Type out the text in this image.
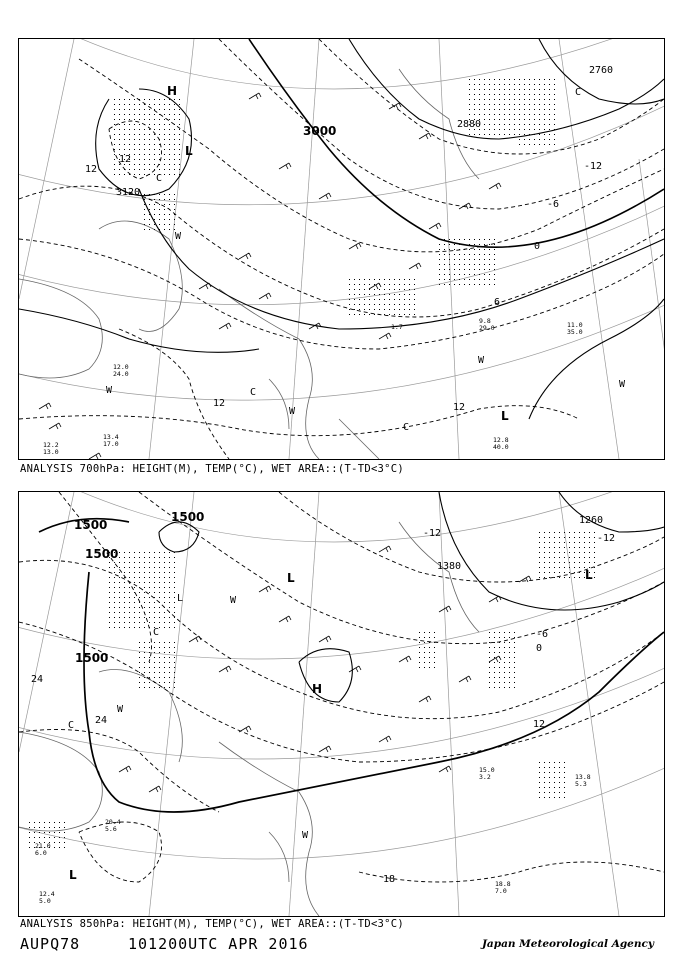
3000
3120
2880
2760
12
12
-12
-6
0
6
12	12
H
L
C
W
W	C
W
W
C
L
W
C
12.8 40.0
11.0 35.0
9.8 29.0
1.7
13.4 17.0
12.2 13.0
12.0 24.0
ANALYSIS 700hPa: HEIGHT(M), TEMP(°C), WET AREA::(T-TD<3°C)
1500
1500
1500
1500
1380
1260
-12	-12
0
-6
12
24
24
18
L
C
W
H
L
C
W
L
L	W
18.8 7.0
13.8 5.3
15.0 3.2
20.4 5.6
12.4 5.0
21.0 6.0
ANALYSIS 850hPa: HEIGHT(M), TEMP(°C), WET AREA::(T-TD<3°C)
AUPQ78	101200UTC APR 2016	Japan Meteorological Agency
